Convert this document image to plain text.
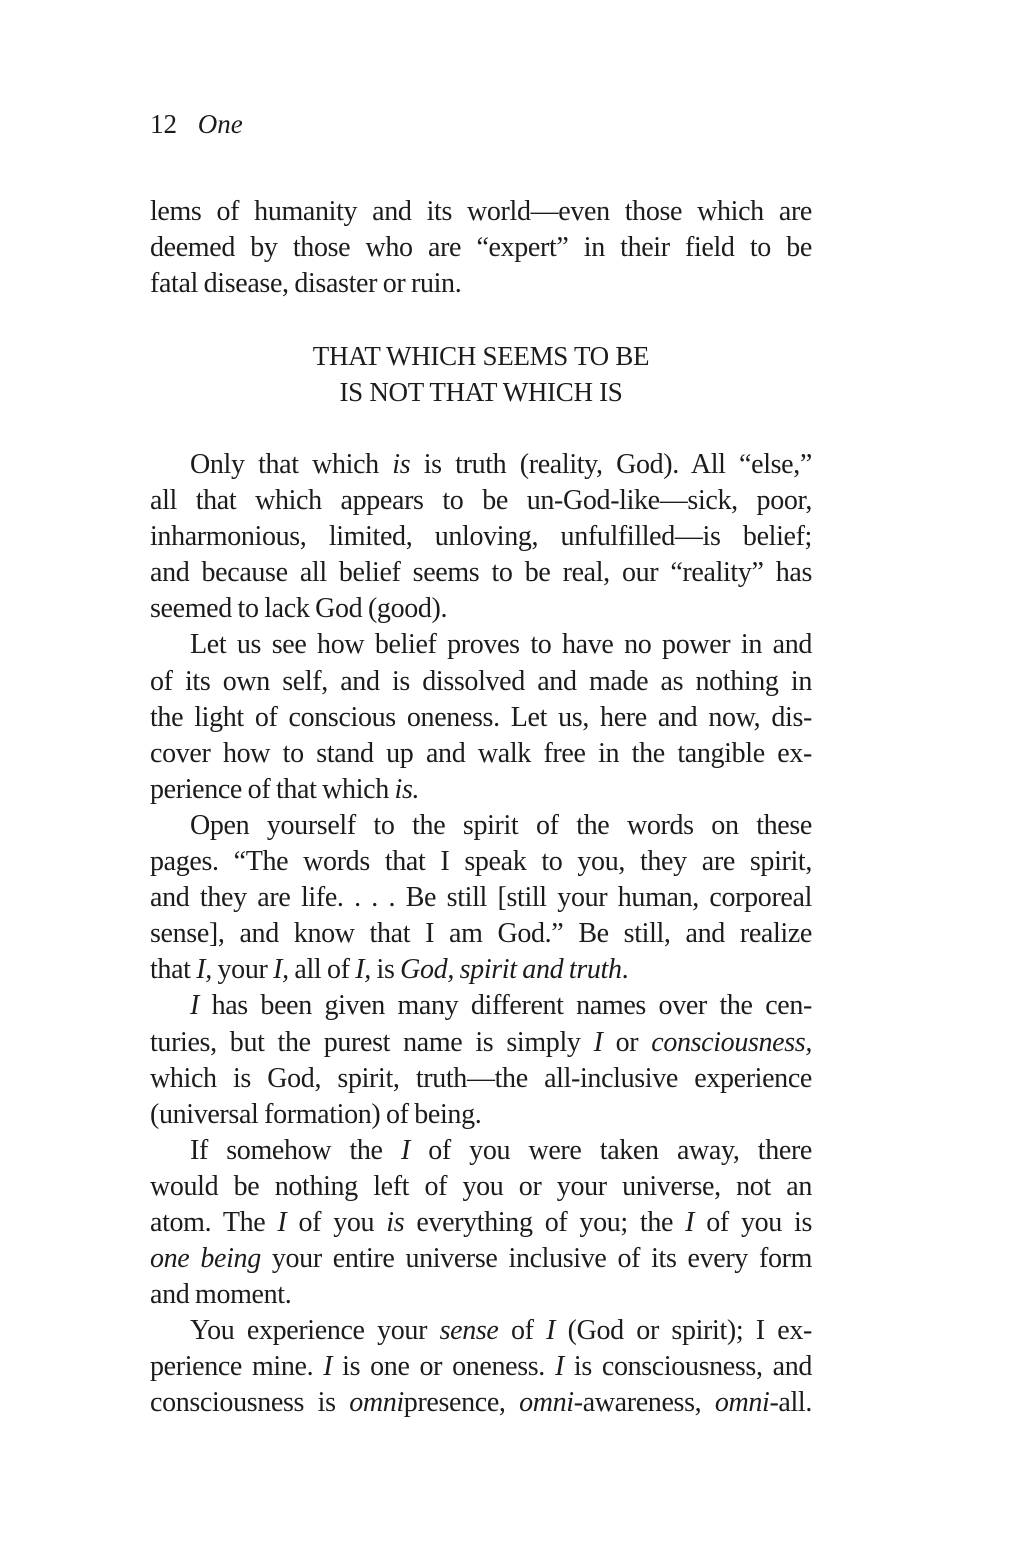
12 One
lems of humanity and its world—even those which are
deemed by those who are “expert” in their field to be
fatal disease, disaster or ruin.
THAT WHICH SEEMS TO BE
IS NOT THAT WHICH IS
Only that which is is truth (reality, God). All “else,”
all that which appears to be un-God-like—sick, poor,
inharmonious, limited, unloving, unfulfilled—is belief;
and because all belief seems to be real, our “reality” has
seemed to lack God (good).
Let us see how belief proves to have no power in and
of its own self, and is dissolved and made as nothing in
the light of conscious oneness. Let us, here and now, dis-
cover how to stand up and walk free in the tangible ex-
perience of that which is.
Open yourself to the spirit of the words on these
pages. “The words that I speak to you, they are spirit,
and they are life. . . . Be still [still your human, corporeal
sense], and know that I am God.” Be still, and realize
that I, your I, all of I, is God, spirit and truth.
I has been given many different names over the cen-
turies, but the purest name is simply I or consciousness,
which is God, spirit, truth—the all-inclusive experience
(universal formation) of being.
If somehow the I of you were taken away, there
would be nothing left of you or your universe, not an
atom. The I of you is everything of you; the I of you is
one being your entire universe inclusive of its every form
and moment.
You experience your sense of I (God or spirit); I ex-
perience mine. I is one or oneness. I is consciousness, and
consciousness is omnipresence, omni-awareness, omni-all.
